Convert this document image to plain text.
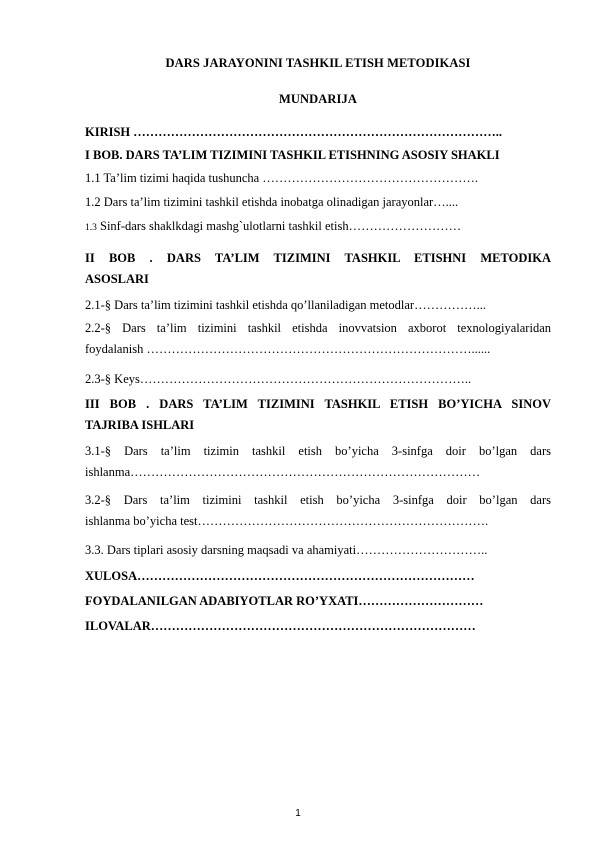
DARS JARAYONINI TASHKIL ETISH METODIKASI
MUNDARIJA
KIRISH ……………………………………………………………………………..
I BOB. DARS TA’LIM TIZIMINI TASHKIL ETISHNING ASOSIY SHAKLI
1.1 Ta’lim tizimi haqida tushuncha …………………………………………….
1.2 Dars ta’lim tizimini tashkil etishda inobatga olinadigan jarayonlar…....
1.3 Sinf-dars shaklkdagi mashg`ulotlarni tashkil etish………………………
II BOB . DARS TA’LIM TIZIMINI TASHKIL ETISHNI METODIKA
ASOSLARI
2.1-§ Dars ta’lim tizimini tashkil etishda qo’llaniladigan metodlar……………...
2.2-§ Dars ta’lim tizimini tashkil etishda inovvatsion axborot texnologiyalaridan
foydalanish ……………………………………………………………………......
2.3-§ Keys……………………………………………………………………..
III BOB . DARS TA’LIM TIZIMINI TASHKIL ETISH BO’YICHA SINOV
TAJRIBA ISHLARI
3.1-§ Dars ta’lim tizimin tashkil etish bo’yicha 3-sinfga doir bo’lgan dars
ishlanma…………………………………………………………………………
3.2-§ Dars ta’lim tizimini tashkil etish bo’yicha 3-sinfga doir bo’lgan dars
ishlanma bo’yicha test…………………………………………………………….
3.3. Dars tiplari asosiy darsning maqsadi va ahamiyati…………………………..
XULOSA………………………………………………………………………
FOYDALANILGAN ADABIYOTLAR RO’YXATI…………………………
ILOVALAR……………………………………………………………………
1
